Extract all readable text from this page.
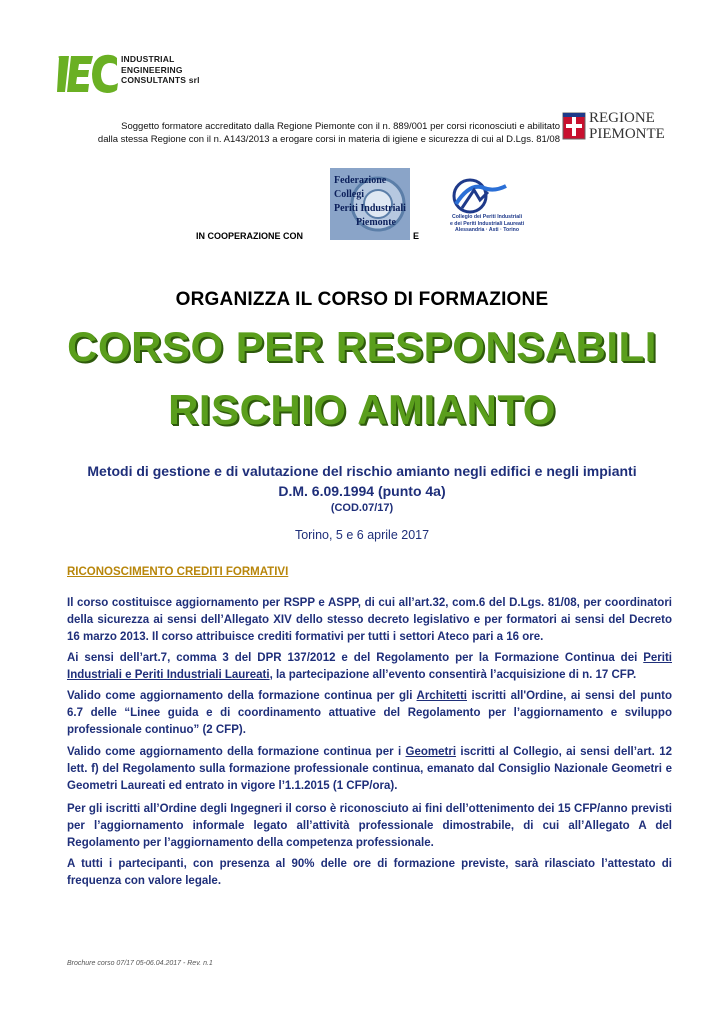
INDUSTRIAL
ENGINEERING
CONSULTANTS srl
Soggetto formatore accreditato dalla Regione Piemonte con il n. 889/001 per corsi riconosciuti e abilitato
dalla stessa Regione con il n. A143/2013 a erogare corsi in materia di igiene e sicurezza di cui al D.Lgs. 81/08
REGIONE
PIEMONTE
IN COOPERAZIONE CON
Federazione
Collegi
Periti Industriali
Piemonte
E
Collegio dei Periti Industriali
e dei Periti Industriali Laureati
Alessandria · Asti · Torino
ORGANIZZA IL CORSO DI FORMAZIONE
CORSO PER RESPONSABILI
RISCHIO AMIANTO
Metodi di gestione e di valutazione del rischio amianto negli edifici e negli impianti
D.M. 6.09.1994 (punto 4a)
(COD.07/17)
Torino, 5 e 6 aprile 2017
RICONOSCIMENTO CREDITI FORMATIVI
Il corso costituisce aggiornamento per RSPP e ASPP, di cui all’art.32, com.6 del D.Lgs. 81/08, per coordinatori della sicurezza ai sensi dell’Allegato XIV dello stesso decreto legislativo e per formatori ai sensi del Decreto 16 marzo 2013. Il corso attribuisce crediti formativi per tutti i settori Ateco pari a 16 ore.
Ai sensi dell’art.7, comma 3 del DPR 137/2012 e del Regolamento per la Formazione Continua dei Periti Industriali e Periti Industriali Laureati, la partecipazione all’evento consentirà l’acquisizione di n. 17 CFP.
Valido come aggiornamento della formazione continua per gli Architetti iscritti all'Ordine, ai sensi del punto 6.7 delle “Linee guida e di coordinamento attuative del Regolamento per l’aggiornamento e sviluppo professionale continuo” (2 CFP).
Valido come aggiornamento della formazione continua per i Geometri iscritti al Collegio, ai sensi dell’art. 12 lett. f) del Regolamento sulla formazione professionale continua, emanato dal Consiglio Nazionale Geometri e Geometri Laureati ed entrato in vigore l’1.1.2015 (1 CFP/ora).
Per gli iscritti all’Ordine degli Ingegneri il corso è riconosciuto ai fini dell’ottenimento dei 15 CFP/anno previsti per l’aggiornamento informale legato all’attività professionale dimostrabile, di cui all’Allegato A del Regolamento per l’aggiornamento della competenza professionale.
A tutti i partecipanti, con presenza al 90% delle ore di formazione previste, sarà rilasciato l’attestato di frequenza con valore legale.
Brochure corso 07/17 05-06.04.2017 - Rev. n.1
